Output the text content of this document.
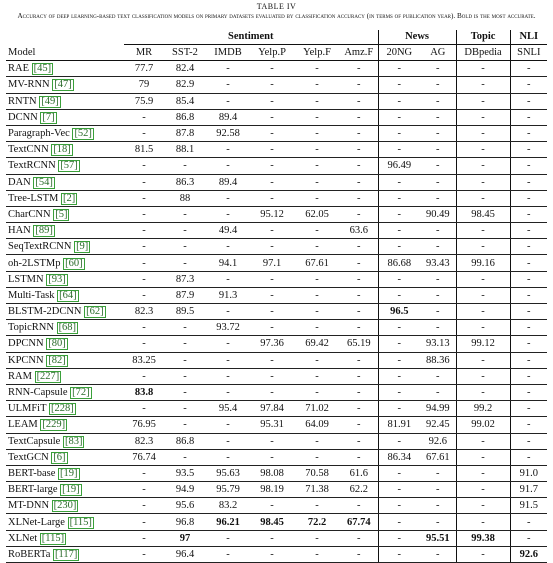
TABLE IV
Accuracy of deep learning-based text classification models on primary datasets evaluated by classification accuracy (in terms of publication year). Bold is the most accurate.
	Sentiment						News		Topic	NLI
Model	MR	SST-2	IMDB	Yelp.P	Yelp.F	Amz.F	20NG	AG	DBpedia	SNLI
RAE [45]	77.7	82.4	-	-	-	-	-	-	-	-
MV-RNN [47]	79	82.9	-	-	-	-	-	-	-	-
RNTN [49]	75.9	85.4	-	-	-	-	-	-	-	-
DCNN [7]	-	86.8	89.4	-	-	-	-	-	-	-
Paragraph-Vec [52]	-	87.8	92.58	-	-	-	-	-	-	-
TextCNN [18]	81.5	88.1	-	-	-	-	-	-	-	-
TextRCNN [57]	-	-	-	-	-	-	96.49	-	-	-
DAN [54]	-	86.3	89.4	-	-	-	-	-	-	-
Tree-LSTM [2]	-	88	-	-	-	-	-	-	-	-
CharCNN [5]	-	-	-	95.12	62.05	-	-	90.49	98.45	-
HAN [89]	-	-	49.4	-	-	63.6	-	-	-	-
SeqTextRCNN [9]	-	-	-	-	-	-	-	-	-	-
oh-2LSTMp [60]	-	-	94.1	97.1	67.61	-	86.68	93.43	99.16	-
LSTMN [93]	-	87.3	-	-	-	-	-	-	-	-
Multi-Task [64]	-	87.9	91.3	-	-	-	-	-	-	-
BLSTM-2DCNN [62]	82.3	89.5	-	-	-	-	96.5	-	-	-
TopicRNN [68]	-	-	93.72	-	-	-	-	-	-	-
DPCNN [80]	-	-	-	97.36	69.42	65.19	-	93.13	99.12	-
KPCNN [82]	83.25	-	-	-	-	-	-	88.36	-	-
RAM [227]	-	-	-	-	-	-	-	-	-	-
RNN-Capsule [72]	83.8	-	-	-	-	-	-	-	-	-
ULMFiT [228]	-	-	95.4	97.84	71.02	-	-	94.99	99.2	-
LEAM [229]	76.95	-	-	95.31	64.09	-	81.91	92.45	99.02	-
TextCapsule [83]	82.3	86.8	-	-	-	-	-	92.6	-	-
TextGCN [6]	76.74	-	-	-	-	-	86.34	67.61	-	-
BERT-base [19]	-	93.5	95.63	98.08	70.58	61.6	-	-	-	91.0
BERT-large [19]	-	94.9	95.79	98.19	71.38	62.2	-	-	-	91.7
MT-DNN [230]	-	95.6	83.2	-	-	-	-	-	-	91.5
XLNet-Large [115]	-	96.8	96.21	98.45	72.2	67.74	-	-	-	-
XLNet [115]	-	97	-	-	-	-	-	95.51	99.38	-
RoBERTa [117]	-	96.4	-	-	-	-	-	-	-	92.6
